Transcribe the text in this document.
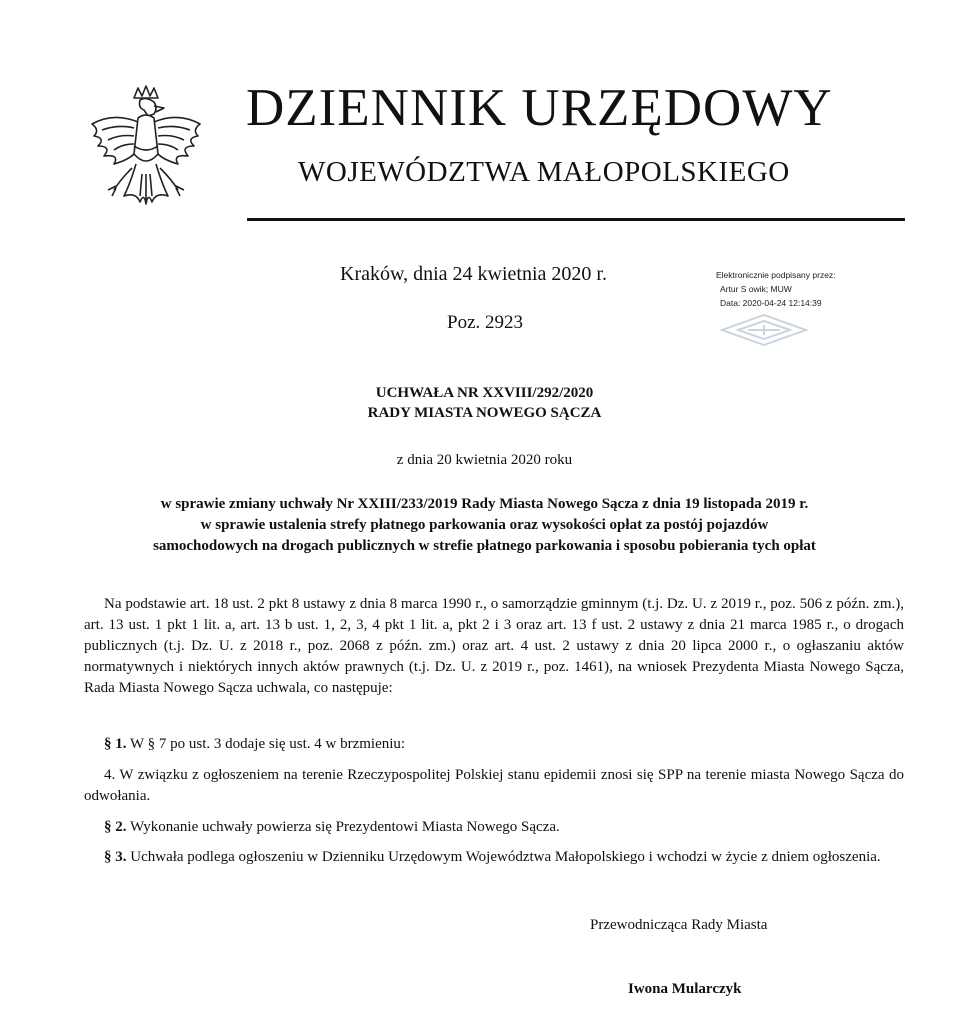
DZIENNIK URZĘDOWY
WOJEWÓDZTWA MAŁOPOLSKIEGO
Kraków, dnia 24 kwietnia 2020 r.
Poz. 2923
Elektronicznie podpisany przez:
Artur S owik; MUW
Data: 2020-04-24 12:14:39
UCHWAŁA NR XXVIII/292/2020
RADY MIASTA NOWEGO SĄCZA
z dnia 20 kwietnia 2020 roku
w sprawie zmiany uchwały Nr XXIII/233/2019 Rady Miasta Nowego Sącza z dnia 19 listopada 2019 r.
w sprawie ustalenia strefy płatnego parkowania oraz wysokości opłat za postój pojazdów
samochodowych na drogach publicznych w strefie płatnego parkowania i sposobu pobierania tych opłat
Na podstawie art. 18 ust. 2 pkt 8 ustawy z dnia 8 marca 1990 r., o samorządzie gminnym (t.j. Dz. U. z 2019 r., poz. 506 z późn. zm.), art. 13 ust. 1 pkt 1 lit. a, art. 13 b ust. 1, 2, 3, 4 pkt 1 lit. a, pkt 2 i 3 oraz art. 13 f ust. 2 ustawy z dnia 21 marca 1985 r., o drogach publicznych (t.j. Dz. U. z 2018 r., poz. 2068 z późn. zm.) oraz art. 4 ust. 2 ustawy z dnia 20 lipca 2000 r., o ogłaszaniu aktów normatywnych i niektórych innych aktów prawnych (t.j. Dz. U. z 2019 r., poz. 1461), na wniosek Prezydenta Miasta Nowego Sącza, Rada Miasta Nowego Sącza uchwala, co następuje:
§ 1. W § 7 po ust. 3 dodaje się ust. 4 w brzmieniu:
4. W związku z ogłoszeniem na terenie Rzeczypospolitej Polskiej stanu epidemii znosi się SPP na terenie miasta Nowego Sącza do odwołania.
§ 2. Wykonanie uchwały powierza się Prezydentowi Miasta Nowego Sącza.
§ 3. Uchwała podlega ogłoszeniu w Dzienniku Urzędowym Województwa Małopolskiego i wchodzi w życie z dniem ogłoszenia.
Przewodnicząca Rady Miasta
Iwona Mularczyk
